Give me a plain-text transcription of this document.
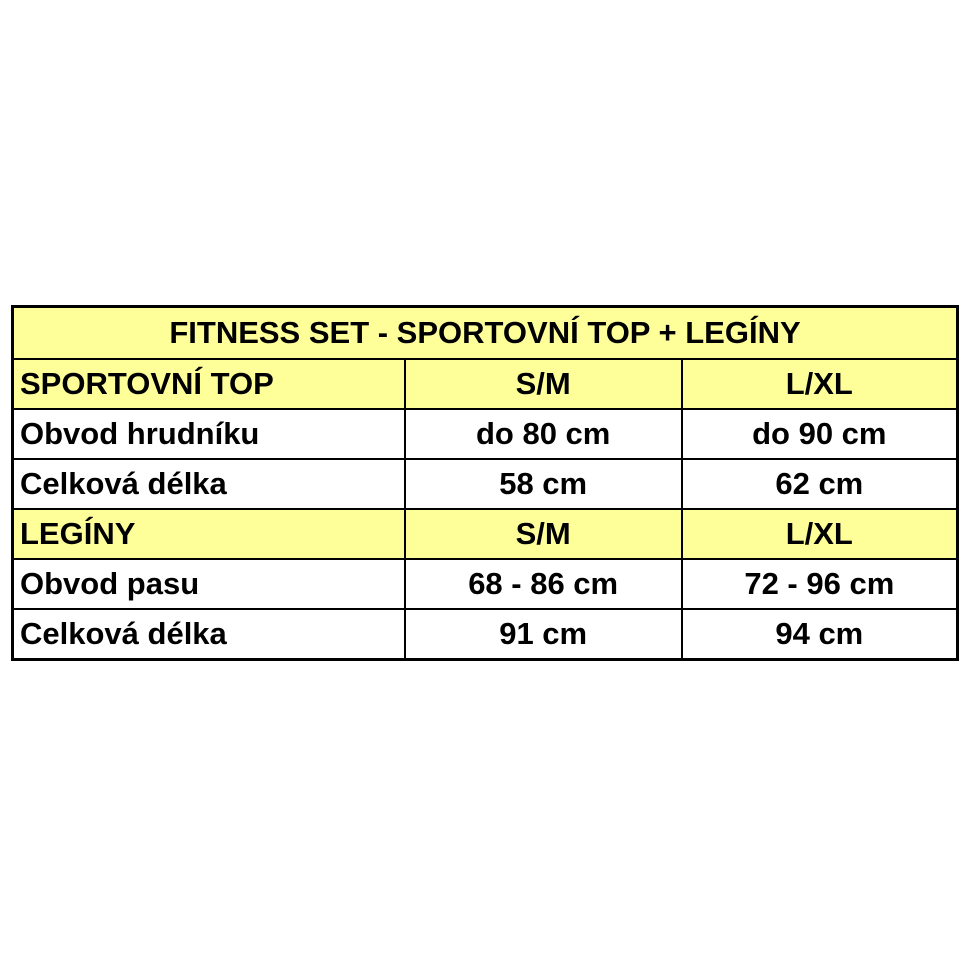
FITNESS SET - SPORTOVNÍ TOP + LEGÍNY		
SPORTOVNÍ TOP	S/M	L/XL
Obvod hrudníku	do 80 cm	do 90 cm
Celková délka	58 cm	62 cm
LEGÍNY	S/M	L/XL
Obvod pasu	68 - 86 cm	72 - 96 cm
Celková délka	91 cm	94 cm
